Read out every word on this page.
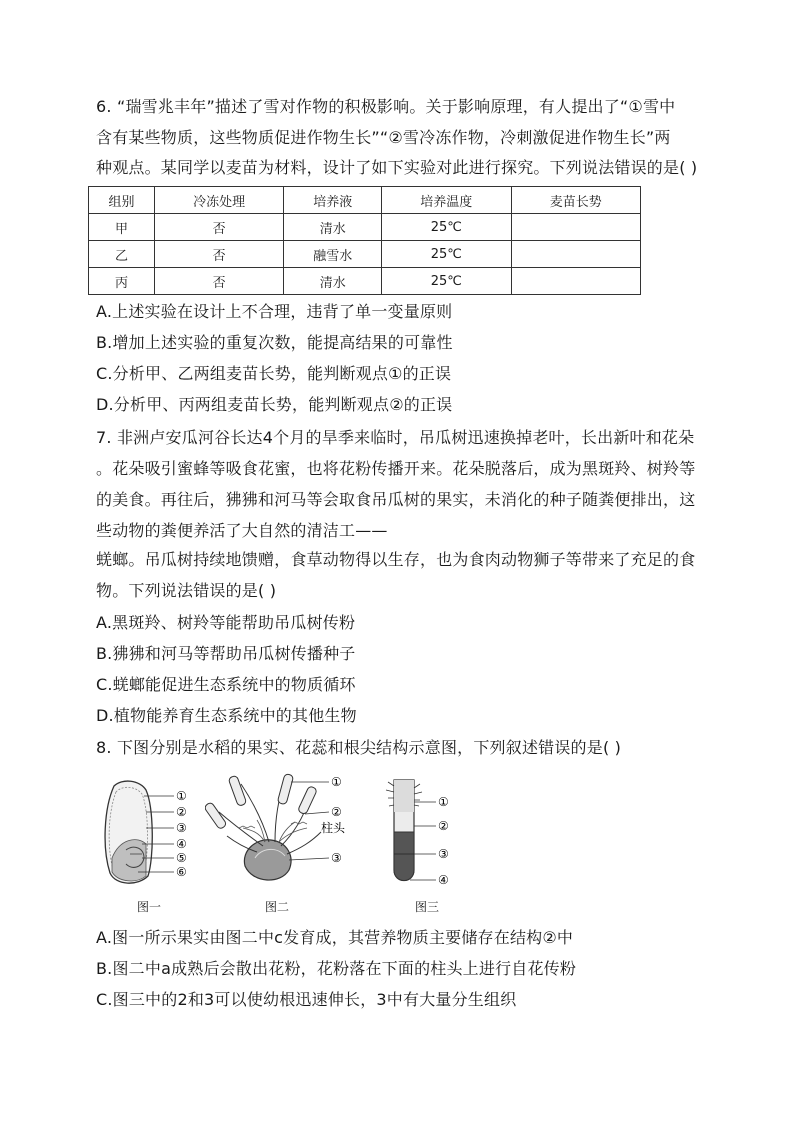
6. “瑞雪兆丰年”描述了雪对作物的积极影响。关于影响原理，有人提出了“①雪中
含有某些物质，这些物质促进作物生长”“②雪冷冻作物，冷刺激促进作物生长”两
种观点。某同学以麦苗为材料，设计了如下实验对此进行探究。下列说法错误的是( )
组别	冷冻处理	培养液	培养温度	麦苗长势
甲	否	清水	25℃	
乙	否	融雪水	25℃	
丙	否	清水	25℃	
A.上述实验在设计上不合理，违背了单一变量原则
B.增加上述实验的重复次数，能提高结果的可靠性
C.分析甲、乙两组麦苗长势，能判断观点①的正误
D.分析甲、丙两组麦苗长势，能判断观点②的正误
7. 非洲卢安瓜河谷长达4个月的旱季来临时，吊瓜树迅速换掉老叶，长出新叶和花朵
。花朵吸引蜜蜂等吸食花蜜，也将花粉传播开来。花朵脱落后，成为黑斑羚、树羚等
的美食。再往后，狒狒和河马等会取食吊瓜树的果实，未消化的种子随粪便排出，这
些动物的粪便养活了大自然的清洁工——
蜣螂。吊瓜树持续地馈赠，食草动物得以生存，也为食肉动物狮子等带来了充足的食
物。下列说法错误的是( )
A.黑斑羚、树羚等能帮助吊瓜树传粉
B.狒狒和河马等帮助吊瓜树传播种子
C.蜣螂能促进生态系统中的物质循环
D.植物能养育生态系统中的其他生物
8. 下图分别是水稻的果实、花蕊和根尖结构示意图，下列叙述错误的是( )
①
②
③
④
⑤
⑥
图一
①
②
柱头
③
图二
①
②
③
④
图三
A.图一所示果实由图二中c发育成，其营养物质主要储存在结构②中
B.图二中a成熟后会散出花粉，花粉落在下面的柱头上进行自花传粉
C.图三中的2和3可以使幼根迅速伸长，3中有大量分生组织
